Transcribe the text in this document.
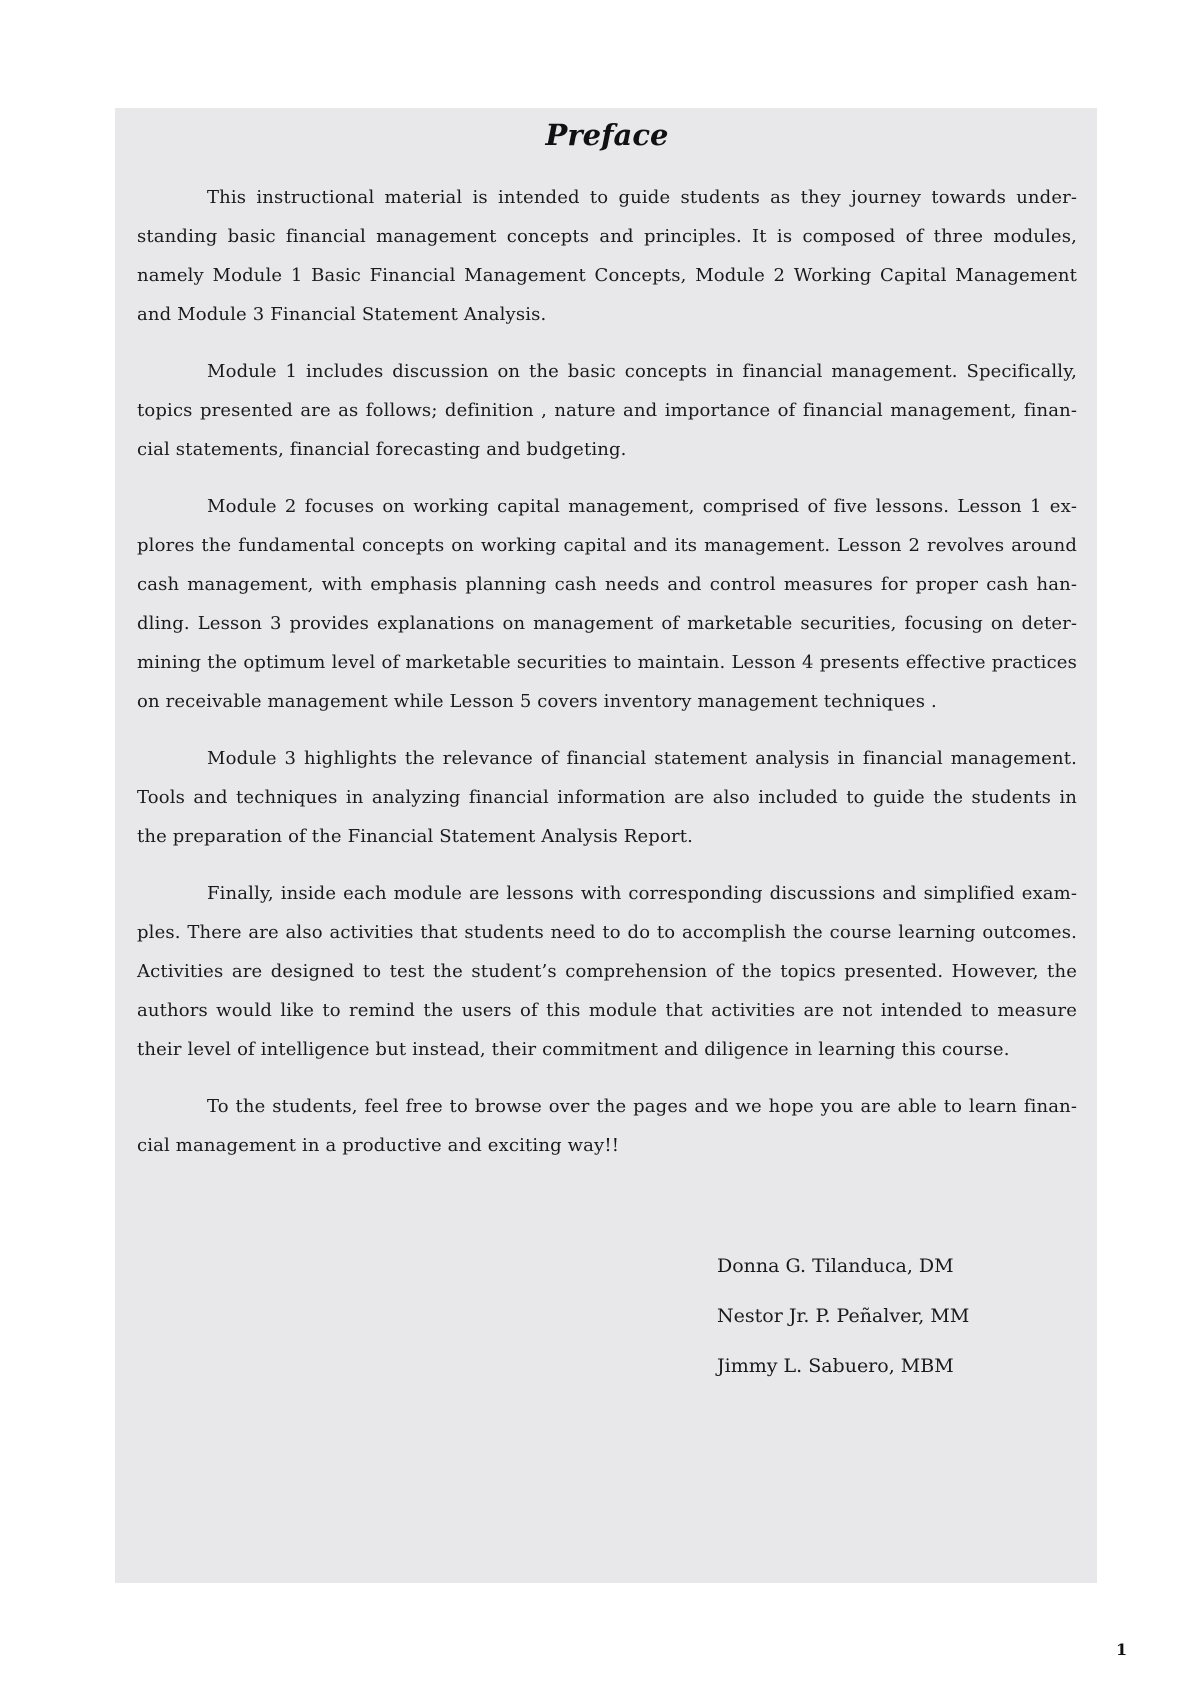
Preface

This instructional material is intended to guide students as they journey towards understanding basic financial management concepts and principles. It is composed of three modules, namely Module 1 Basic Financial Management Concepts, Module 2 Working Capital Management and Module 3 Financial Statement Analysis.

Module 1 includes discussion on the basic concepts in financial management. Specifically, topics presented are as follows; definition , nature and importance of financial management, financial statements, financial forecasting and budgeting.

Module 2 focuses on working capital management, comprised of five lessons. Lesson 1 explores the fundamental concepts on working capital and its management. Lesson 2 revolves around cash management, with emphasis planning cash needs and control measures for proper cash handling. Lesson 3 provides explanations on management of marketable securities, focusing on determining the optimum level of marketable securities to maintain. Lesson 4 presents effective practices on receivable management while Lesson 5 covers inventory management techniques .

Module 3 highlights the relevance of financial statement analysis in financial management. Tools and techniques in analyzing financial information are also included to guide the students in the preparation of the Financial Statement Analysis Report.

Finally, inside each module are lessons with corresponding discussions and simplified examples. There are also activities that students need to do to accomplish the course learning outcomes. Activities are designed to test the student’s comprehension of the topics presented. However, the authors would like to remind the users of this module that activities are not intended to measure their level of intelligence but instead, their commitment and diligence in learning this course.

To the students, feel free to browse over the pages and we hope you are able to learn financial management in a productive and exciting way!!

Donna G. Tilanduca, DM
Nestor Jr. P. Peñalver, MM
Jimmy L. Sabuero, MBM
1
